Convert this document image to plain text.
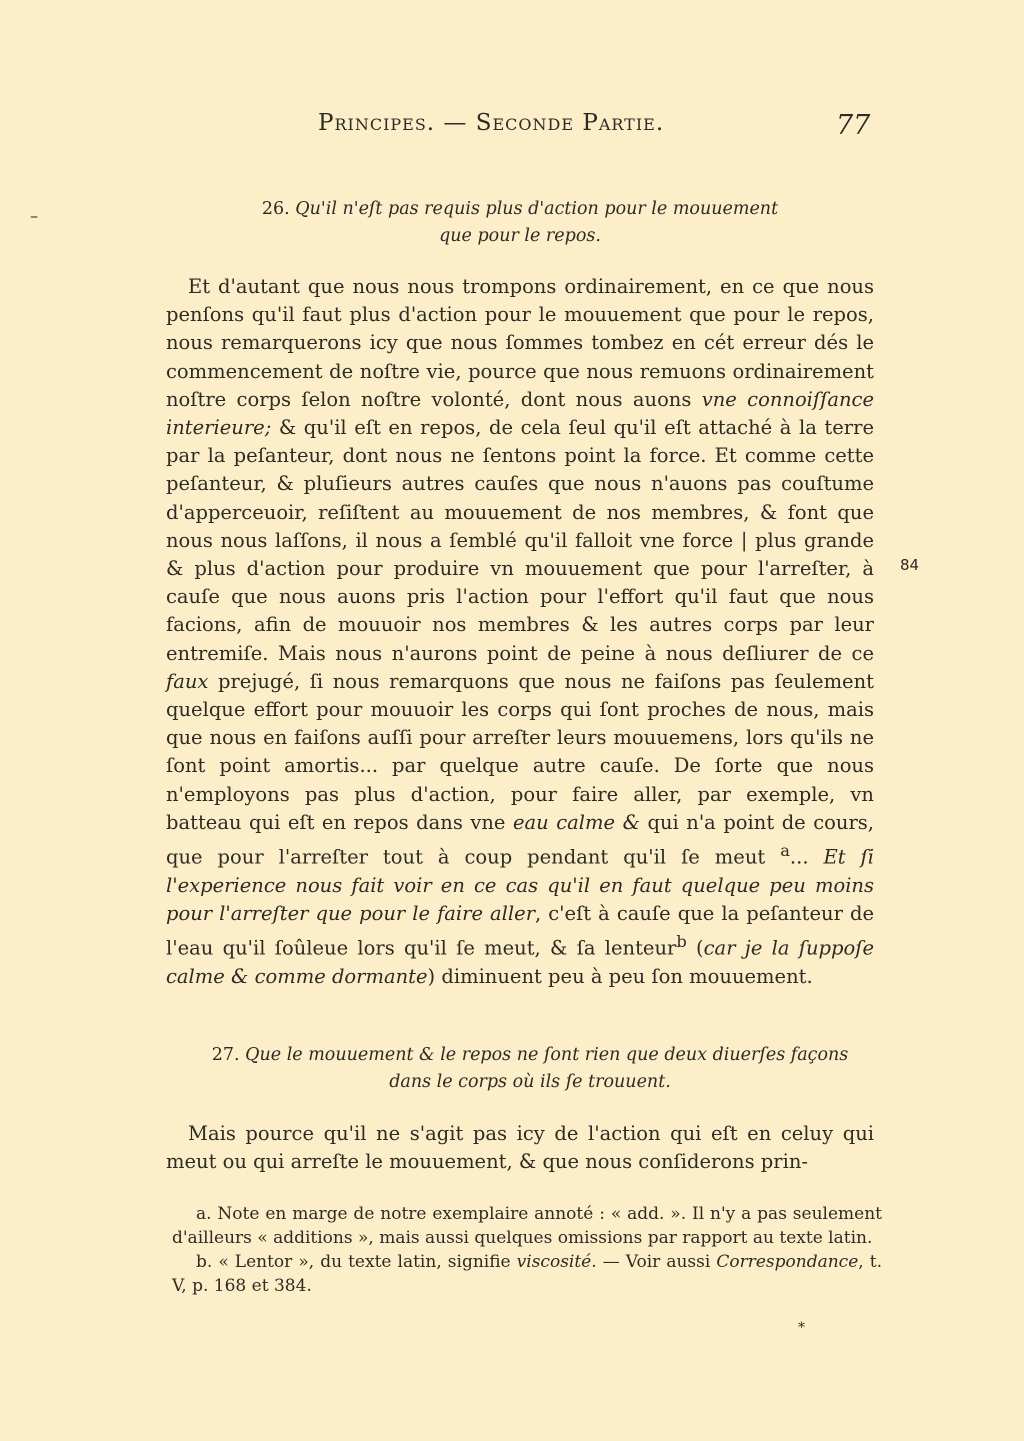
Principes. — Seconde Partie.	77
–	26. Qu'il n'eſt pas requis plus d'action pour le mouuement
que pour le repos.

Et d'autant que nous nous trompons ordinairement, en ce que nous penſons qu'il faut plus d'action pour le mouuement que pour le repos, nous remarquerons icy que nous ſommes tombez en cét erreur dés le commencement de noſtre vie, pource que nous remuons ordinairement noſtre corps ſelon noſtre volonté, dont nous auons vne connoiſſance interieure; & qu'il eſt en repos, de cela ſeul qu'il eſt attaché à la terre par la peſanteur, dont nous ne ſentons point la force. Et comme cette peſanteur, & pluſieurs autres cauſes que nous n'auons pas couſtume d'apperceuoir, reſiſtent au mouuement de nos membres, & font que nous nous laſſons, il nous a ſemblé qu'il falloit vne force | plus grande & plus d'action pour produire vn mouuement que pour l'arreſter, à cauſe que nous auons pris l'action pour l'effort qu'il faut que nous facions, afin de mouuoir nos membres & les autres corps par leur entremiſe. Mais nous n'aurons point de peine à nous deſliurer de ce faux prejugé, ſi nous remarquons que nous ne faiſons pas ſeulement quelque effort pour mouuoir les corps qui ſont proches de nous, mais que nous en faiſons auſſi pour arreſter leurs mouuemens, lors qu'ils ne ſont point amortis... par quelque autre cauſe. De ſorte que nous n'employons pas plus d'action, pour faire aller, par exemple, vn batteau qui eſt en repos dans vne eau calme & qui n'a point de cours, que pour l'arreſter tout à coup pendant qu'il ſe meut $^a$... Et ſi l'experience nous fait voir en ce cas qu'il en faut quelque peu moins pour l'arreſter que pour le faire aller, c'eſt à cauſe que la peſanteur de l'eau qu'il ſoûleue lors qu'il ſe meut, & ſa lenteur$^b$ (car je la ſuppoſe calme & comme dormante) diminuent peu à peu ſon mouuement.

84
27. Que le mouuement & le repos ne ſont rien que deux diuerſes façons
dans le corps où ils ſe trouuent.

Mais pource qu'il ne s'agit pas icy de l'action qui eſt en celuy qui meut ou qui arreſte le mouuement, & que nous conſiderons prin-

a. Note en marge de notre exemplaire annoté : « add. ». Il n'y a pas seulement d'ailleurs « additions », mais aussi quelques omissions par rapport au texte latin.

b. « Lentor », du texte latin, signifie viscosité. — Voir aussi Correspondance, t. V, p. 168 et 384.

*
